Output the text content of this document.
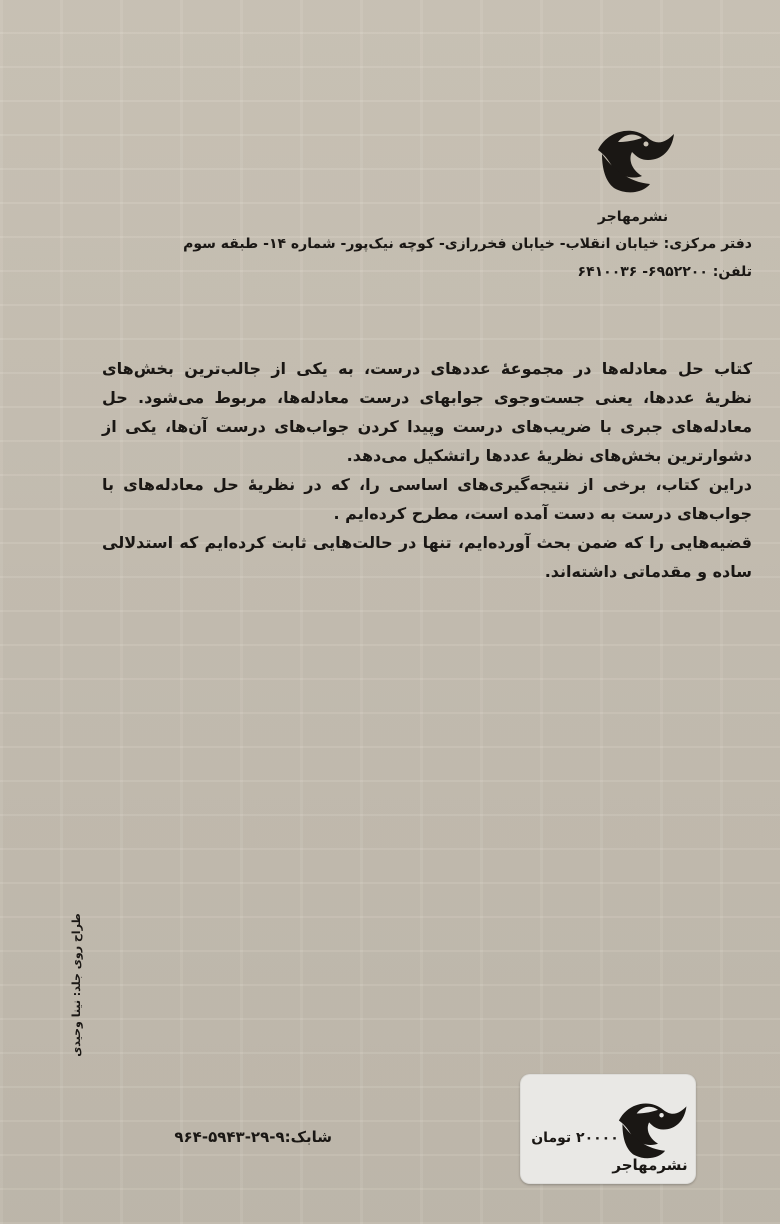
نشرمهاجر
دفتر مرکزی: خیابان انقلاب- خیابان فخررازی- کوچه نیک‌پور- شماره ۱۴- طبقه سوم
تلفن: ۶۹۵۲۲۰۰- ۶۴۱۰۰۳۶

کتاب حل معادله‌ها در مجموعهٔ عددهای درست، به یکی از جالب‌ترین بخش‌های نظریهٔ عددها، یعنی جست‌وجوی جوابهای درست معادله‌ها، مربوط می‌شود. حل معادله‌های جبری با ضریب‌های درست وپیدا کردن جواب‌های درست آن‌ها، یکی از دشوارترین بخش‌های نظریهٔ عددها راتشکیل می‌دهد.

دراین کتاب، برخی از نتیجه‌گیری‌های اساسی را، که در نظریهٔ حل معادله‌های با جواب‌های درست به دست آمده است، مطرح کرده‌ایم .

قضیه‌هایی را که ضمن بحث آورده‌ایم، تنها در حالت‌هایی ثابت کرده‌ایم که استدلالی ساده و مقدماتی داشته‌اند.

طراح روی جلد: نینا وحیدی
شابک:۹-۲۹-۵۹۴۳-۹۶۴
نشرمهاجر
۲۰۰۰۰ تومان
